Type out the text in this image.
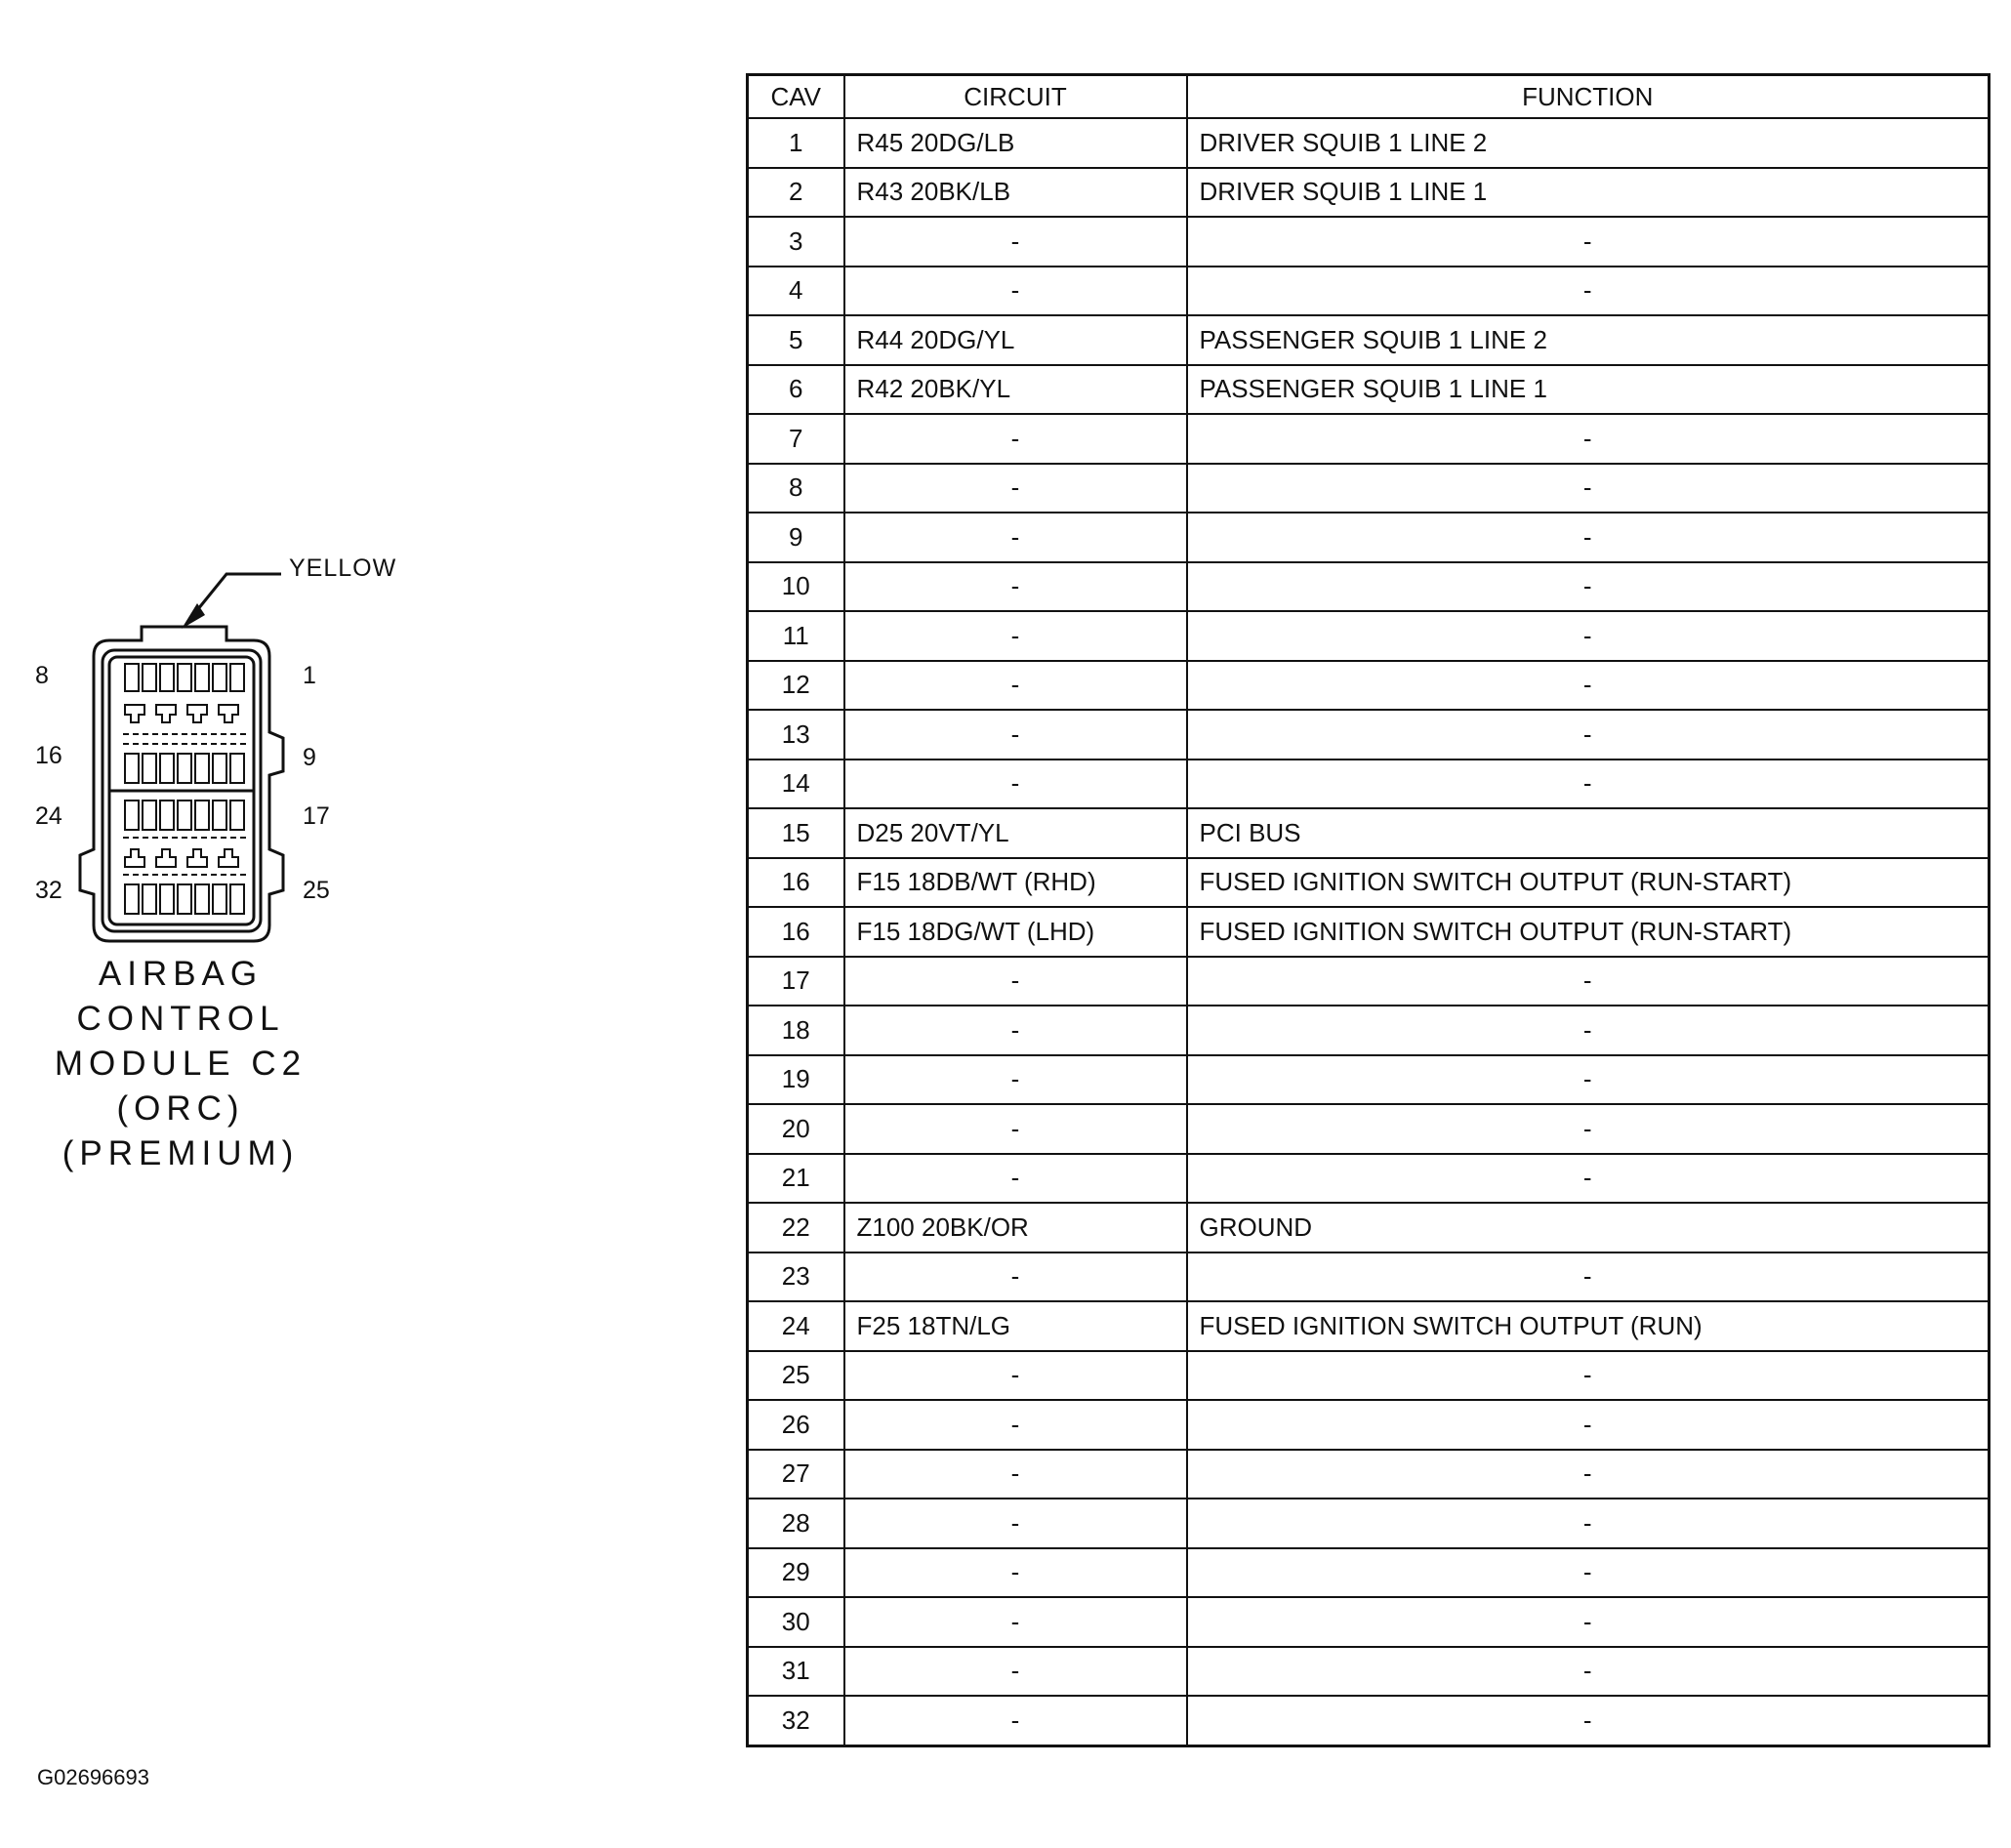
YELLOW
8	1
16	9
24	17
32	25
AIRBAG
CONTROL
MODULE C2
(ORC)
(PREMIUM)
CAV	CIRCUIT	FUNCTION
1	R45 20DG/LB	DRIVER SQUIB 1 LINE 2
2	R43 20BK/LB	DRIVER SQUIB 1 LINE 1
3	-	-
4	-	-
5	R44 20DG/YL	PASSENGER SQUIB 1 LINE 2
6	R42 20BK/YL	PASSENGER SQUIB 1 LINE 1
7	-	-
8	-	-
9	-	-
10	-	-
11	-	-
12	-	-
13	-	-
14	-	-
15	D25 20VT/YL	PCI BUS
16	F15 18DB/WT (RHD)	FUSED IGNITION SWITCH OUTPUT (RUN-START)
16	F15 18DG/WT (LHD)	FUSED IGNITION SWITCH OUTPUT (RUN-START)
17	-	-
18	-	-
19	-	-
20	-	-
21	-	-
22	Z100 20BK/OR	GROUND
23	-	-
24	F25 18TN/LG	FUSED IGNITION SWITCH OUTPUT (RUN)
25	-	-
26	-	-
27	-	-
28	-	-
29	-	-
30	-	-
31	-	-
32	-	-
G02696693
